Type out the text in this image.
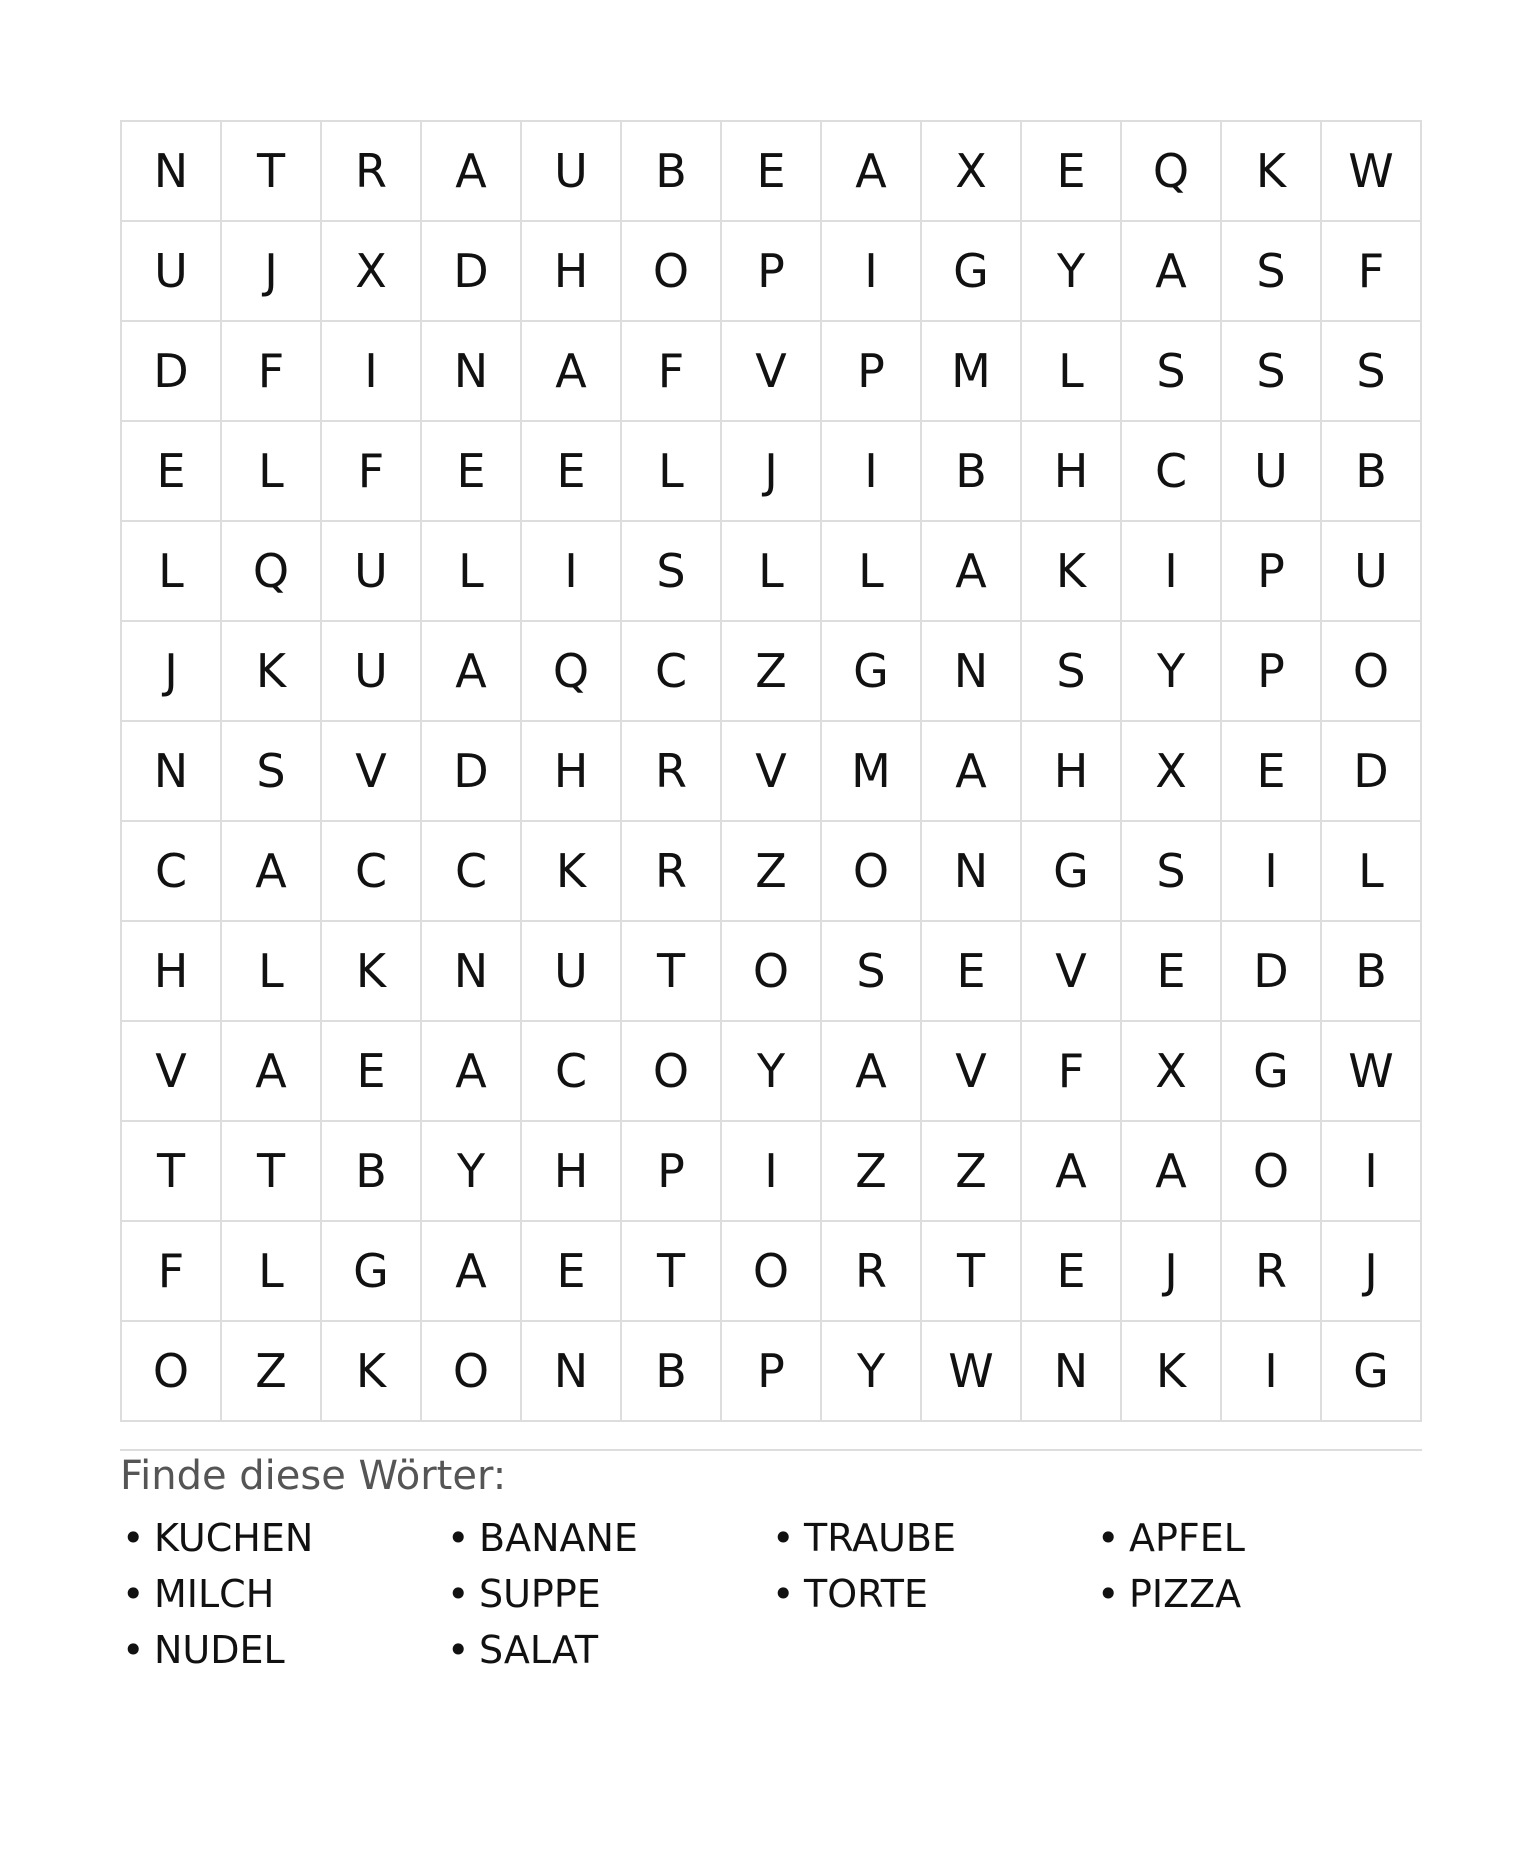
N	T	R	A	U	B	E	A	X	E	Q	K	W
U	J	X	D	H	O	P	I	G	Y	A	S	F
D	F	I	N	A	F	V	P	M	L	S	S	S
E	L	F	E	E	L	J	I	B	H	C	U	B
L	Q	U	L	I	S	L	L	A	K	I	P	U
J	K	U	A	Q	C	Z	G	N	S	Y	P	O
N	S	V	D	H	R	V	M	A	H	X	E	D
C	A	C	C	K	R	Z	O	N	G	S	I	L
H	L	K	N	U	T	O	S	E	V	E	D	B
V	A	E	A	C	O	Y	A	V	F	X	G	W
T	T	B	Y	H	P	I	Z	Z	A	A	O	I
F	L	G	A	E	T	O	R	T	E	J	R	J
O	Z	K	O	N	B	P	Y	W	N	K	I	G
Finde diese Wörter:
• KUCHEN	• BANANE	• TRAUBE	• APFEL
• MILCH	• SUPPE	• TORTE	• PIZZA
• NUDEL	• SALAT
